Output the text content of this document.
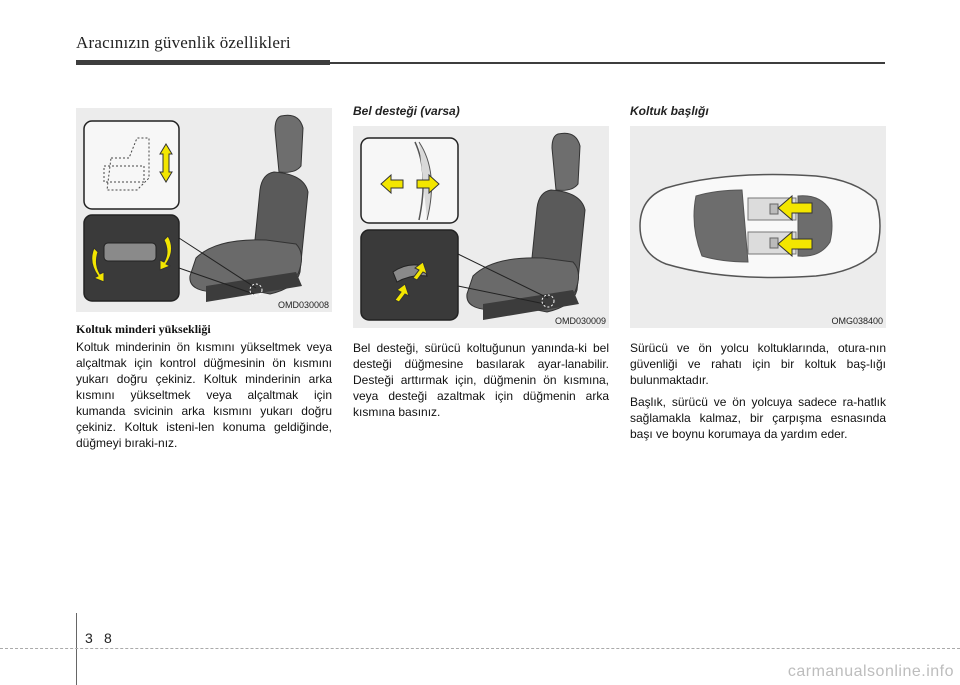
Aracınızın güvenlik özellikleri
OMD030008
Koltuk minderi yüksekliği

Koltuk minderinin ön kısmını yükseltmek veya alçaltmak için kontrol düğmesinin ön kısmını yukarı doğru çekiniz. Koltuk minderinin arka kısmını yükseltmek veya alçaltmak için kumanda svicinin arka kısmını yukarı doğru çekiniz. Koltuk isteni-len konuma geldiğinde, düğmeyi bıraki-nız.

Bel desteği (varsa)
OMD030009

Bel desteği, sürücü koltuğunun yanında-ki bel desteği düğmesine basılarak ayar-lanabilir. Desteği arttırmak için, düğmenin ön kısmına, veya desteği azaltmak için düğmenin arka kısmına basınız.

Koltuk başlığı
OMG038400

Sürücü ve ön yolcu koltuklarında, otura-nın güvenliği ve rahatı için bir koltuk baş-lığı bulunmaktadır.

Başlık, sürücü ve ön yolcuya sadece ra-hatlık sağlamakla kalmaz, bir çarpışma esnasında başı ve boynu korumaya da yardım eder.

3 8
carmanualsonline.info
